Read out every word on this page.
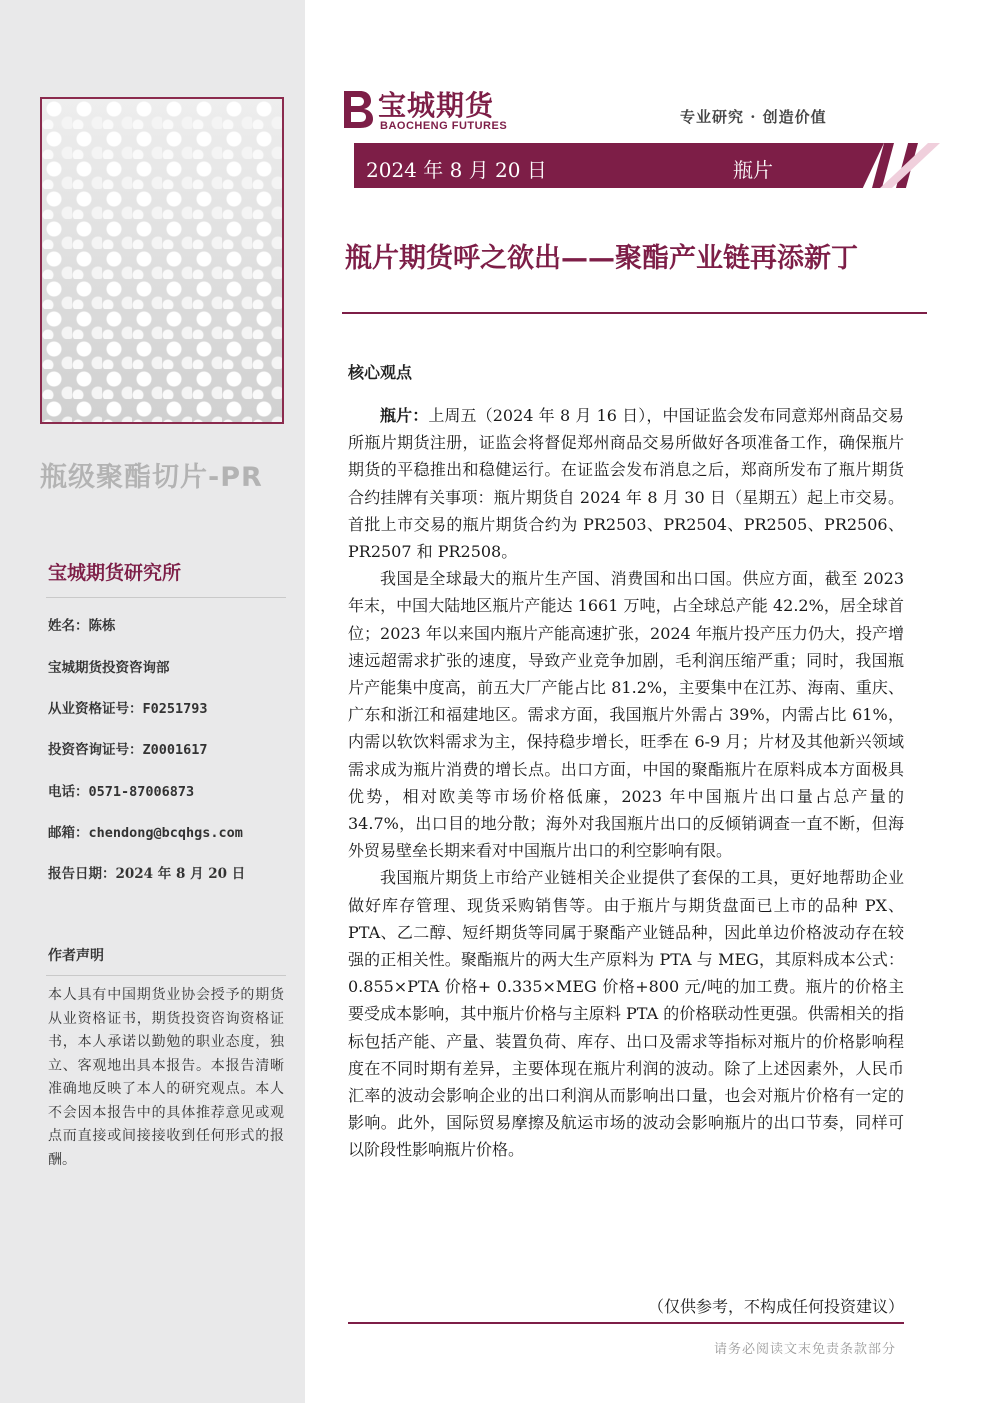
瓶级聚酯切片-PR
宝城期货研究所
姓名：陈栋
宝城期货投资咨询部
从业资格证号：F0251793
投资咨询证号：Z0001617
电话：0571-87006873
邮箱：chendong@bcqhgs.com
报告日期：2024 年 8 月 20 日
作者声明
本人具有中国期货业协会授予的期货从业资格证书，期货投资咨询资格证书，本人承诺以勤勉的职业态度，独立、客观地出具本报告。本报告清晰准确地反映了本人的研究观点。本人不会因本报告中的具体推荐意见或观点而直接或间接接收到任何形式的报酬。
宝城期货
BAOCHENG FUTURES	专业研究 · 创造价值
2024 年 8 月 20 日	瓶片
瓶片期货呼之欲出——聚酯产业链再添新丁
核心观点

瓶片：上周五（2024 年 8 月 16 日），中国证监会发布同意郑州商品交易所瓶片期货注册，证监会将督促郑州商品交易所做好各项准备工作，确保瓶片期货的平稳推出和稳健运行。在证监会发布消息之后，郑商所发布了瓶片期货合约挂牌有关事项：瓶片期货自 2024 年 8 月 30 日（星期五）起上市交易。首批上市交易的瓶片期货合约为 PR2503、PR2504、PR2505、PR2506、PR2507 和 PR2508。

我国是全球最大的瓶片生产国、消费国和出口国。供应方面，截至 2023 年末，中国大陆地区瓶片产能达 1661 万吨，占全球总产能 42.2%，居全球首位；2023 年以来国内瓶片产能高速扩张，2024 年瓶片投产压力仍大，投产增速远超需求扩张的速度，导致产业竞争加剧，毛利润压缩严重；同时，我国瓶片产能集中度高，前五大厂产能占比 81.2%，主要集中在江苏、海南、重庆、广东和浙江和福建地区。需求方面，我国瓶片外需占 39%，内需占比 61%，内需以软饮料需求为主，保持稳步增长，旺季在 6-9 月；片材及其他新兴领域需求成为瓶片消费的增长点。出口方面，中国的聚酯瓶片在原料成本方面极具优势，相对欧美等市场价格低廉，2023 年中国瓶片出口量占总产量的 34.7%，出口目的地分散；海外对我国瓶片出口的反倾销调查一直不断，但海外贸易壁垒长期来看对中国瓶片出口的利空影响有限。

我国瓶片期货上市给产业链相关企业提供了套保的工具，更好地帮助企业做好库存管理、现货采购销售等。由于瓶片与期货盘面已上市的品种 PX、PTA、乙二醇、短纤期货等同属于聚酯产业链品种，因此单边价格波动存在较强的正相关性。聚酯瓶片的两大生产原料为 PTA 与 MEG，其原料成本公式：0.855×PTA 价格+ 0.335×MEG 价格+800 元/吨的加工费。瓶片的价格主要受成本影响，其中瓶片价格与主原料 PTA 的价格联动性更强。供需相关的指标包括产能、产量、装置负荷、库存、出口及需求等指标对瓶片的价格影响程度在不同时期有差异，主要体现在瓶片利润的波动。除了上述因素外，人民币汇率的波动会影响企业的出口利润从而影响出口量，也会对瓶片价格有一定的影响。此外，国际贸易摩擦及航运市场的波动会影响瓶片的出口节奏，同样可以阶段性影响瓶片价格。

（仅供参考，不构成任何投资建议）
请务必阅读文末免责条款部分
